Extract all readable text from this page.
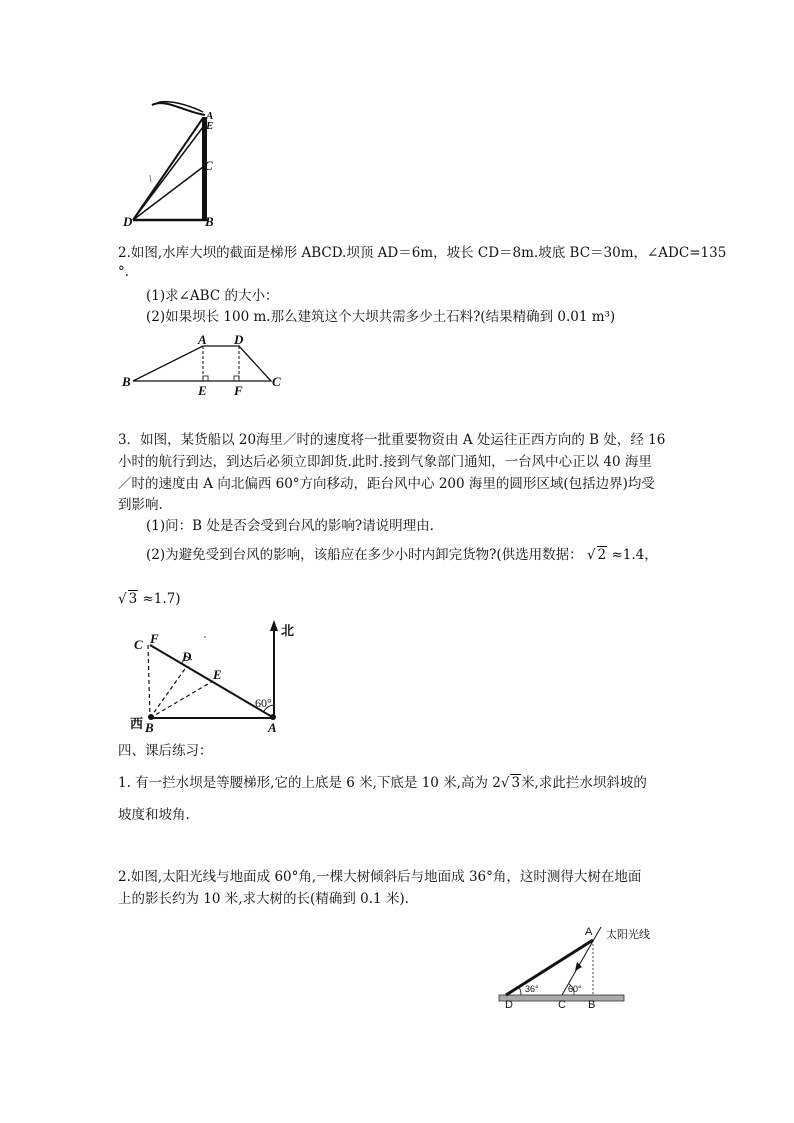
A
E
C
D	B
2.如图,水库大坝的截面是梯形 ABCD.坝顶 AD＝6m，坡长 CD＝8m.坡底 BC＝30m，∠ADC=135
°.
(1)求∠ABC 的大小：
(2)如果坝长 100 m.那么建筑这个大坝共需多少土石料?(结果精确到 0.01 m³)
A D
B
E F
C
3．如图，某货船以 20海里／时的速度将一批重要物资由 A 处运往正西方向的 B 处，经 16
小时的航行到达，到达后必须立即卸货.此时.接到气象部门通知，一台风中心正以 40 海里
／时的速度由 A 向北偏西 60°方向移动，距台风中心 200 海里的圆形区域(包括边界)均受
到影响.
(1)问：B 处是否会受到台风的影响?请说明理由.
(2)为避免受到台风的影响，该船应在多少小时内卸完货物?(供选用数据： √ 2 ≈1.4，
√ 3 ≈1.7)
北
西
C F
D
E
B	A
60°
四、课后练习：
1. 有一拦水坝是等腰梯形,它的上底是 6 米,下底是 10 米,高为 2√ 3米,求此拦水坝斜坡的
坡度和坡角.
2.如图,太阳光线与地面成 60°角,一棵大树倾斜后与地面成 36°角，这时测得大树在地面
上的影长约为 10 米,求大树的长(精确到 0.1 米).
A 太阳光线
36°	60°
D	C B
